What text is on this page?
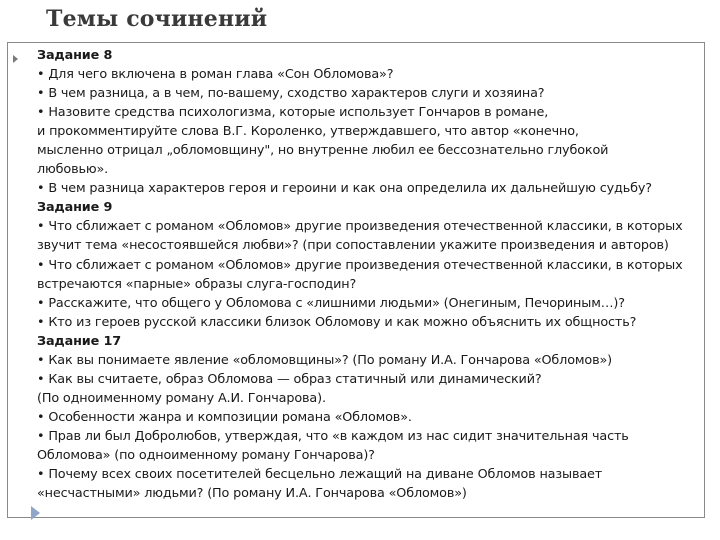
Темы сочинений
Задание 8
• Для чего включена в роман глава «Сон Обломова»?
• В чем разница, а в чем, по-вашему, сходство характеров слуги и хозяина?
• Назовите средства психологизма, которые использует Гончаров в романе,
и прокомментируйте слова В.Г. Короленко, утверждавшего, что автор «конечно,
мысленно отрицал „обломовщину", но внутренне любил ее бессознательно глубокой
любовью».
• В чем разница характеров героя и героини и как она определила их дальнейшую судьбу?
Задание 9
• Что сближает с романом «Обломов» другие произведения отечественной классики, в которых
звучит тема «несостоявшейся любви»? (при сопоставлении укажите произведения и авторов)
• Что сближает с романом «Обломов» другие произведения отечественной классики, в которых
встречаются «парные» образы слуга-господин?
• Расскажите, что общего у Обломова с «лишними людьми» (Онегиным, Печориным…)?
• Кто из героев русской классики близок Обломову и как можно объяснить их общность?
Задание 17
• Как вы понимаете явление «обломовщины»? (По роману И.А. Гончарова «Обломов»)
• Как вы считаете, образ Обломова — образ статичный или динамический?
(По одноименному роману А.И. Гончарова).
• Особенности жанра и композиции романа «Обломов».
• Прав ли был Добролюбов, утверждая, что «в каждом из нас сидит значительная часть
Обломова» (по одноименному роману Гончарова)?
• Почему всех своих посетителей бесцельно лежащий на диване Обломов называет
«несчастными» людьми? (По роману И.А. Гончарова «Обломов»)
